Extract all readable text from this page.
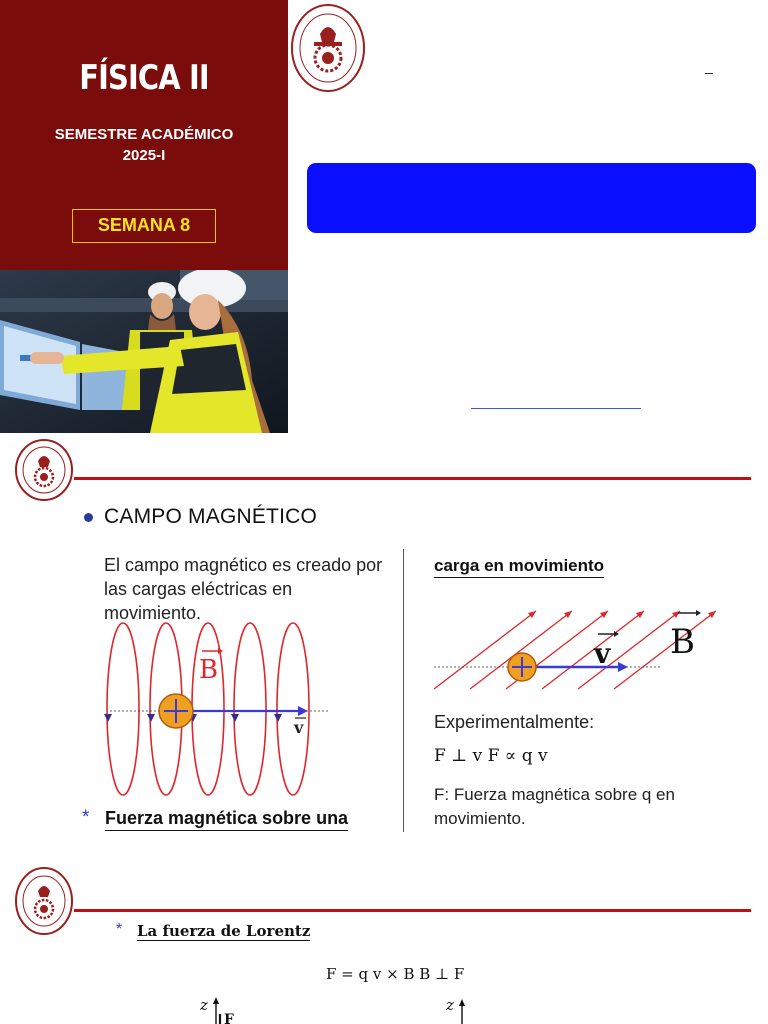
FÍSICA II
SEMESTRE ACADÉMICO
2025-I
SEMANA 8
–
CAMPO MAGNÉTICO
El campo magnético es creado por las cargas eléctricas en movimiento.
B
v
* Fuerza magnética sobre una
carga en movimiento
v B
Experimentalmente:
F ⊥ v F ∝ q v
F: Fuerza magnética sobre q en movimiento.
* La fuerza de Lorentz
F = q v × B B ⊥ F
z
F
z
